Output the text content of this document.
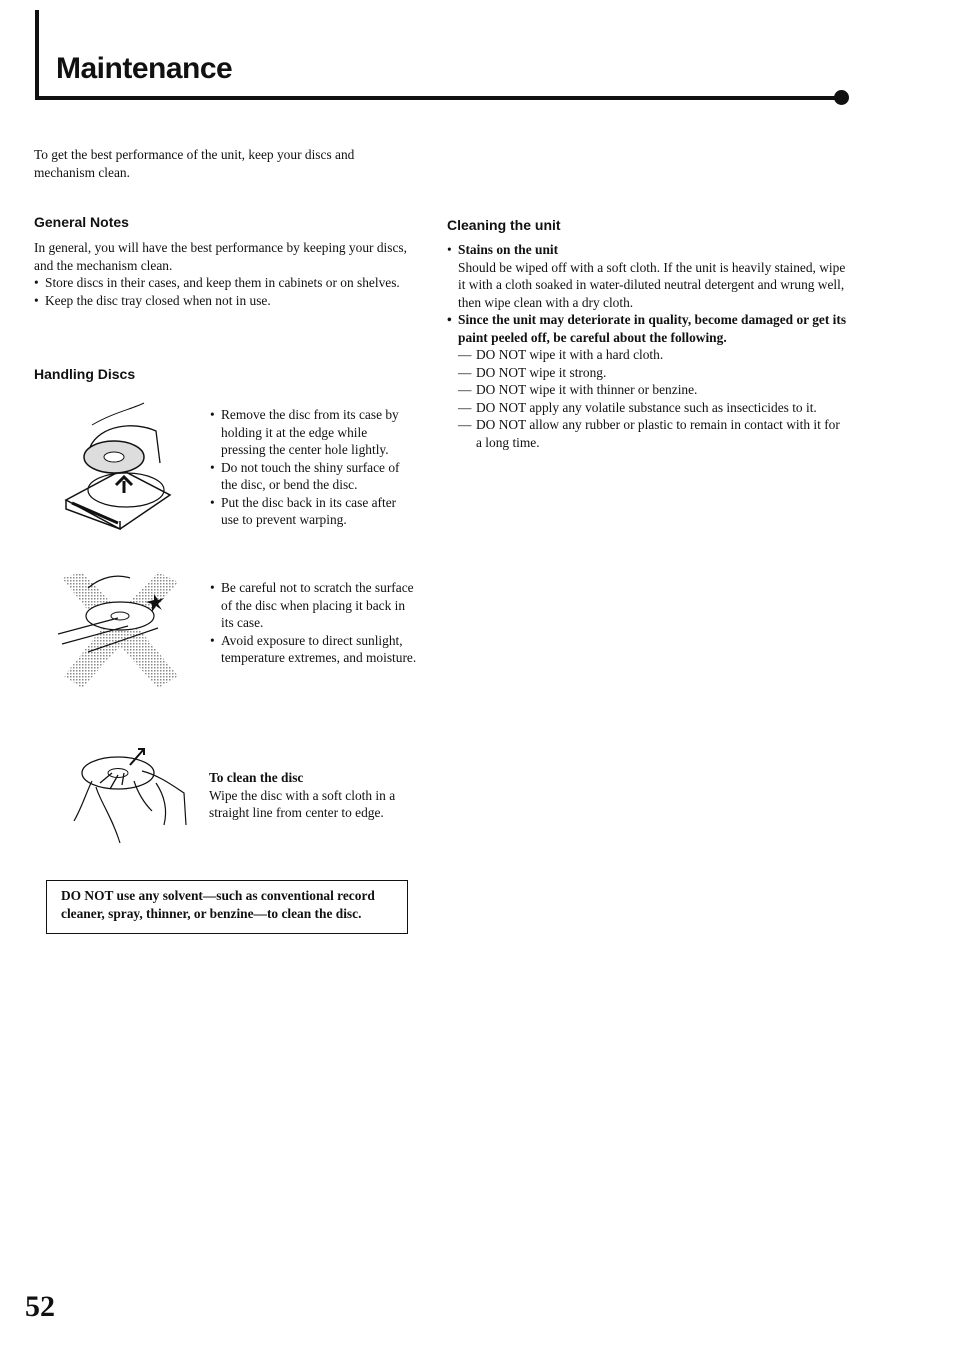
Maintenance
To get the best performance of the unit, keep your discs and mechanism clean.
General Notes
In general, you will have the best performance by keeping your discs, and the mechanism clean.
• Store discs in their cases, and keep them in cabinets or on shelves.
• Keep the disc tray closed when not in use.
Handling Discs
• Remove the disc from its case by holding it at the edge while pressing the center hole lightly.
• Do not touch the shiny surface of the disc, or bend the disc.
• Put the disc back in its case after use to prevent warping.
• Be careful not to scratch the surface of the disc when placing it back in its case.
• Avoid exposure to direct sunlight, temperature extremes, and moisture.
To clean the disc
Wipe the disc with a soft cloth in a straight line from center to edge.
DO NOT use any solvent—such as conventional record cleaner, spray, thinner, or benzine—to clean the disc.
Cleaning the unit
• Stains on the unit
Should be wiped off with a soft cloth. If the unit is heavily stained, wipe it with a cloth soaked in water-diluted neutral detergent and wrung well, then wipe clean with a dry cloth.
• Since the unit may deteriorate in quality, become damaged or get its paint peeled off, be careful about the following.
— DO NOT wipe it with a hard cloth.
— DO NOT wipe it strong.
— DO NOT wipe it with thinner or benzine.
— DO NOT apply any volatile substance such as insecticides to it.
— DO NOT allow any rubber or plastic to remain in contact with it for a long time.
52
